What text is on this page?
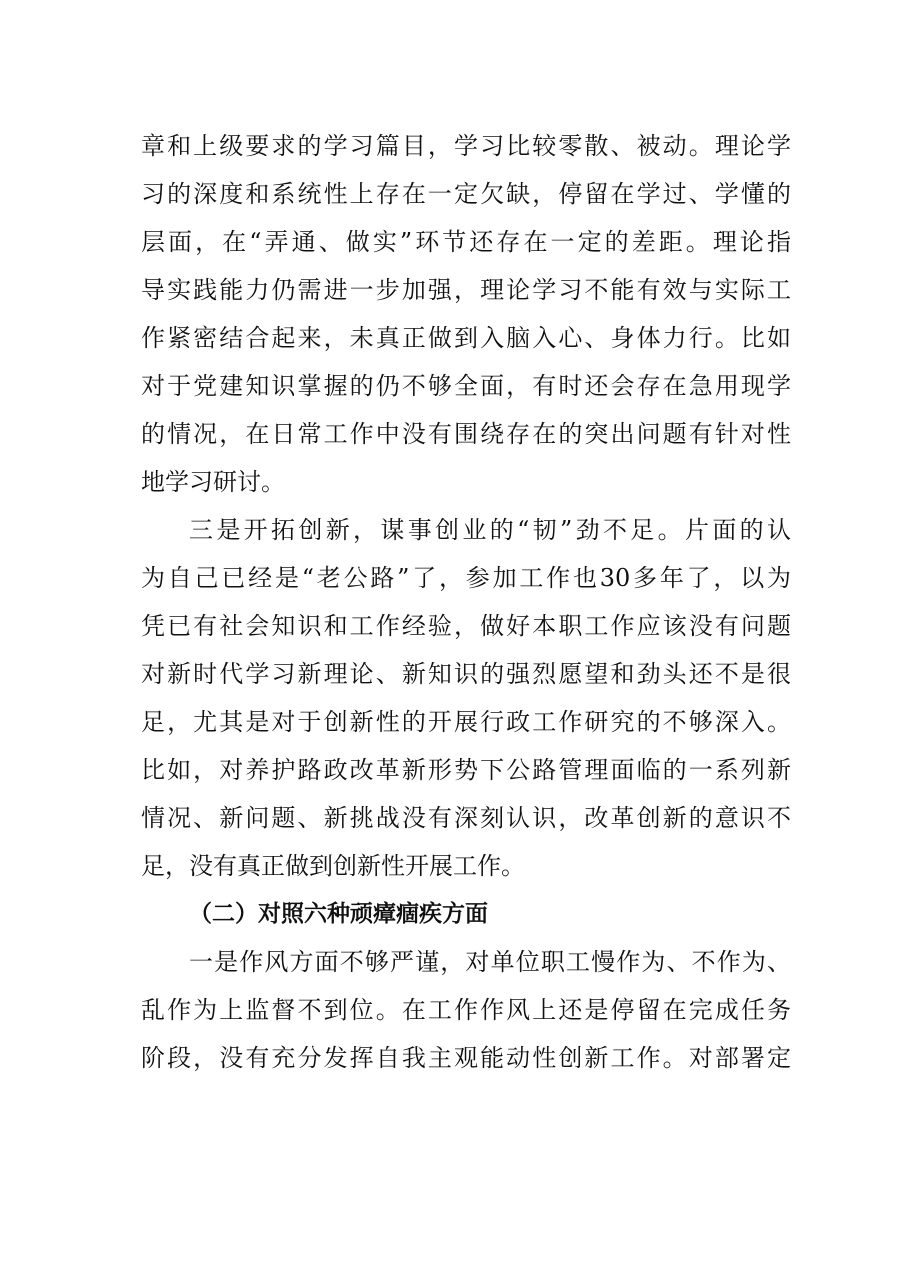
章和上级要求的学习篇目，学习比较零散、被动。理论学
习的深度和系统性上存在一定欠缺，停留在学过、学懂的
层面，在“弄通、做实”环节还存在一定的差距。理论指
导实践能力仍需进一步加强，理论学习不能有效与实际工
作紧密结合起来，未真正做到入脑入心、身体力行。比如
对于党建知识掌握的仍不够全面，有时还会存在急用现学
的情况，在日常工作中没有围绕存在的突出问题有针对性
地学习研讨。
三是开拓创新，谋事创业的“韧”劲不足。片面的认
为自己已经是“老公路”了，参加工作也30多年了，以为
凭已有社会知识和工作经验，做好本职工作应该没有问题
对新时代学习新理论、新知识的强烈愿望和劲头还不是很
足，尤其是对于创新性的开展行政工作研究的不够深入。
比如，对养护路政改革新形势下公路管理面临的一系列新
情况、新问题、新挑战没有深刻认识，改革创新的意识不
足，没有真正做到创新性开展工作。
（二）对照六种顽瘴痼疾方面
一是作风方面不够严谨，对单位职工慢作为、不作为、
乱作为上监督不到位。在工作作风上还是停留在完成任务
阶段，没有充分发挥自我主观能动性创新工作。对部署定
